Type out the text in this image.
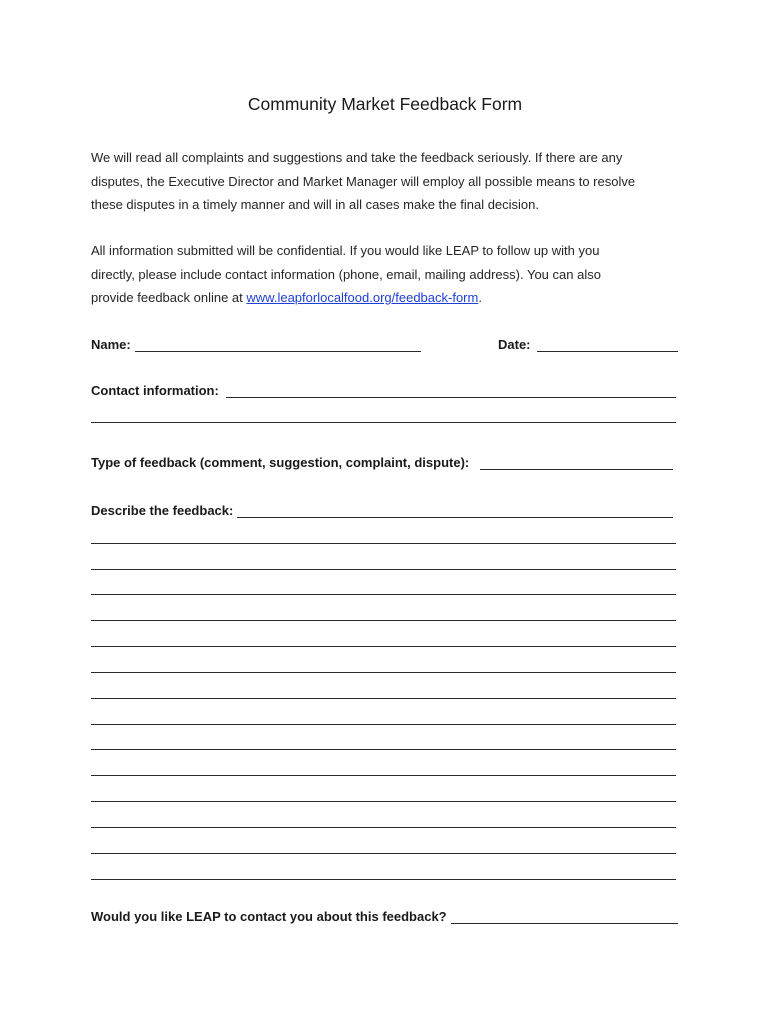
Community Market Feedback Form

We will read all complaints and suggestions and take the feedback seriously. If there are any
disputes, the Executive Director and Market Manager will employ all possible means to resolve
these disputes in a timely manner and will in all cases make the final decision.

All information submitted will be confidential. If you would like LEAP to follow up with you
directly, please include contact information (phone, email, mailing address). You can also
provide feedback online at www.leapforlocalfood.org/feedback-form.

Name:	Date:
Contact information:
Type of feedback (comment, suggestion, complaint, dispute):
Describe the feedback:
Would you like LEAP to contact you about this feedback?
